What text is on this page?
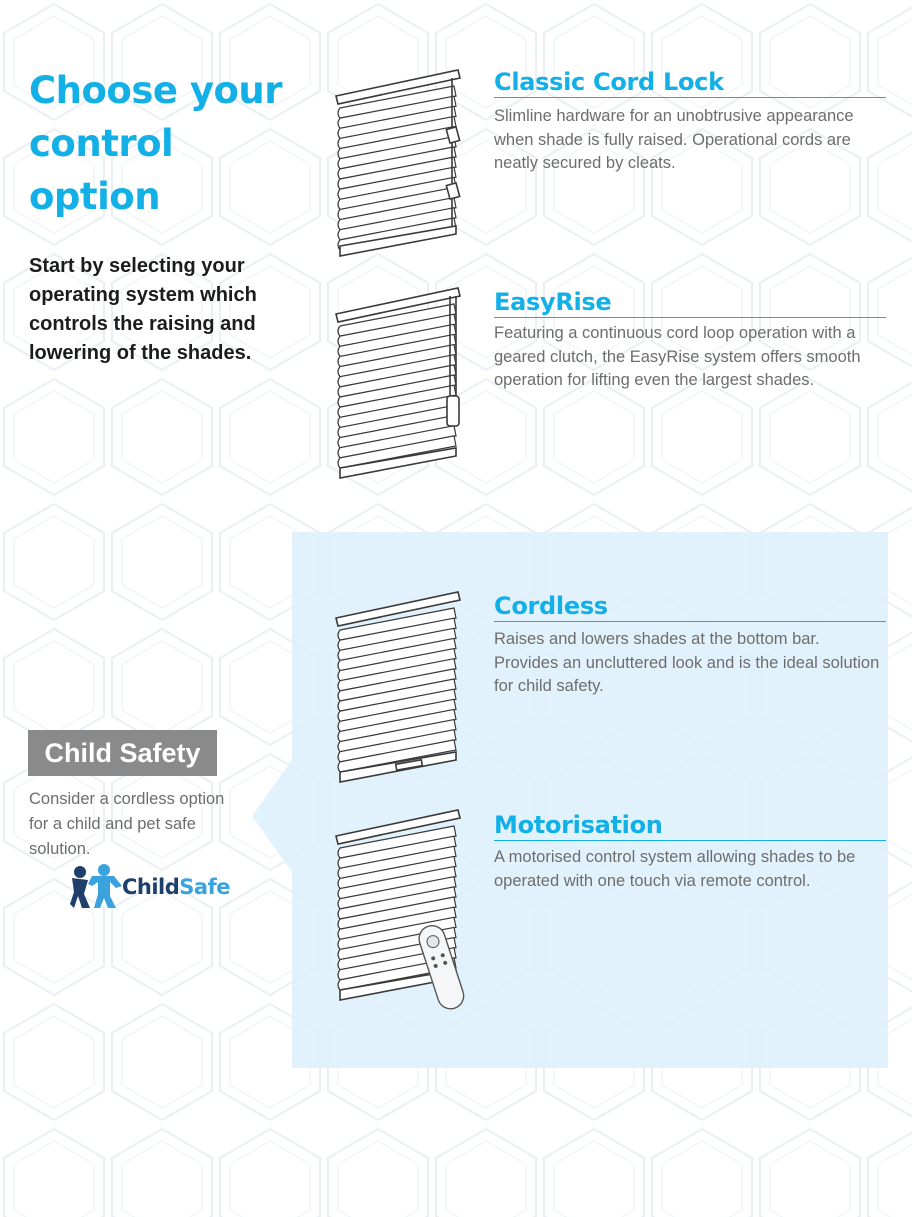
Choose your control option

Start by selecting your operating system which controls the raising and lowering of the shades.

Classic Cord Lock

Slimline hardware for an unobtrusive appearance when shade is fully raised. Operational cords are neatly secured by cleats.

EasyRise

Featuring a continuous cord loop operation with a geared clutch, the EasyRise system offers smooth operation for lifting even the largest shades.

Cordless

Raises and lowers shades at the bottom bar. Provides an uncluttered look and is the ideal solution for child safety.

Motorisation

A motorised control system allowing shades to be operated with one touch via remote control.

Child Safety

Consider a cordless option for a child and pet safe solution.

ChildSafe
